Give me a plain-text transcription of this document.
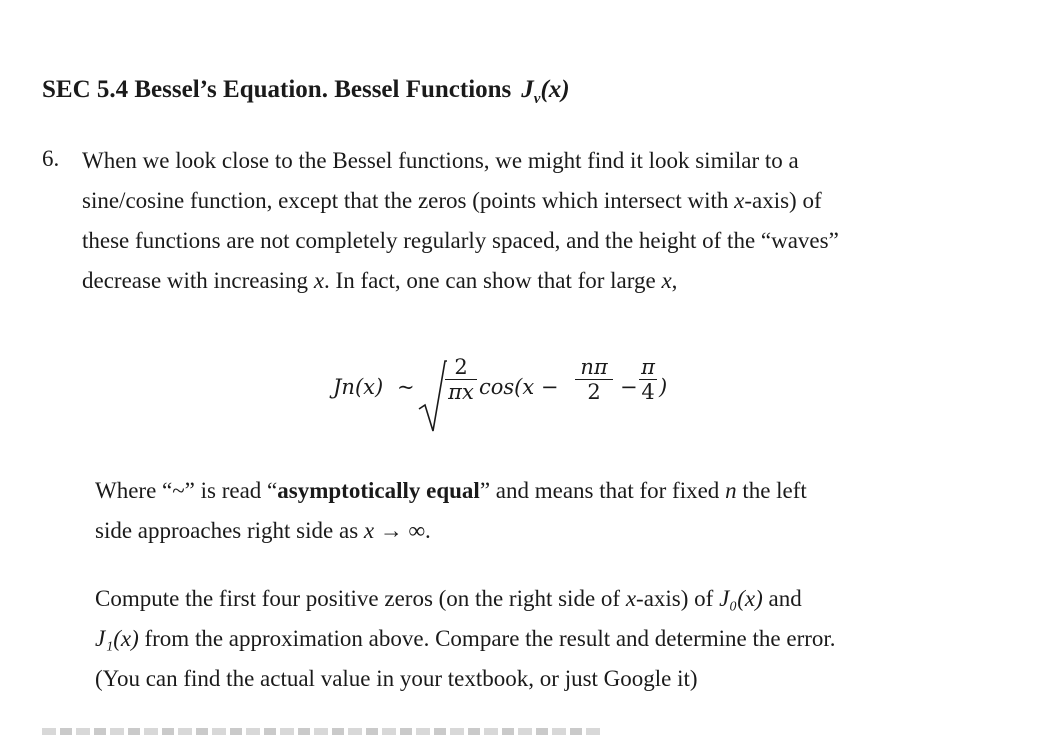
SEC 5.4 Bessel’s Equation. Bessel Functions $J_\nu(x)$
6. When we look close to the Bessel functions, we might find it look similar to a
sine/cosine function, except that the zeros (points which intersect with x-axis) of
these functions are not completely regularly spaced, and the height of the “waves”
decrease with increasing x. In fact, one can show that for large x,
Jn(x) ~
2
πx cos(x −
nπ
2 −
π
4 )
Where “~” is read “asymptotically equal” and means that for fixed n the left
side approaches right side as x → ∞.
Compute the first four positive zeros (on the right side of x-axis) of J₀(x) and
J₁(x) from the approximation above. Compare the result and determine the error.
(You can find the actual value in your textbook, or just Google it)
